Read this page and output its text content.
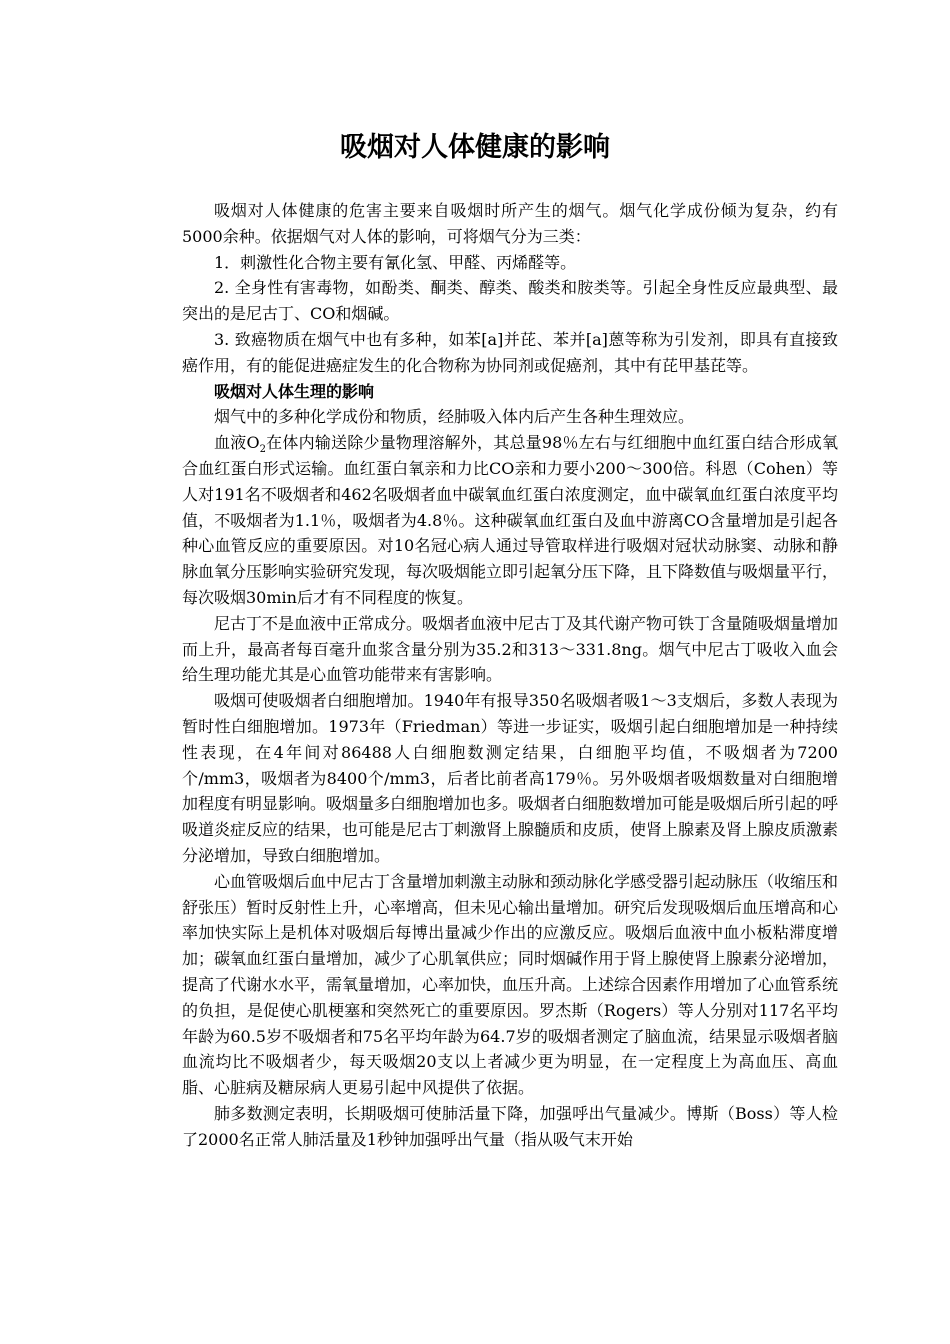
吸烟对人体健康的影响

吸烟对人体健康的危害主要来自吸烟时所产生的烟气。烟气化学成份倾为复杂，约有5000余种。依据烟气对人体的影响，可将烟气分为三类：

1．刺激性化合物主要有氰化氢、甲醛、丙烯醛等。

2. 全身性有害毒物，如酚类、酮类、醇类、酸类和胺类等。引起全身性反应最典型、最突出的是尼古丁、CO和烟碱。

3. 致癌物质在烟气中也有多种，如苯[a]并芘、苯并[a]蒽等称为引发剂，即具有直接致癌作用，有的能促进癌症发生的化合物称为协同剂或促癌剂，其中有芘甲基芘等。

吸烟对人体生理的影响

烟气中的多种化学成份和物质，经肺吸入体内后产生各种生理效应。

血液$O_2$在体内输送除少量物理溶解外，其总量98％左右与红细胞中血红蛋白结合形成氧合血红蛋白形式运输。血红蛋白氧亲和力比CO亲和力要小200～300倍。科恩（Cohen）等人对191名不吸烟者和462名吸烟者血中碳氧血红蛋白浓度测定，血中碳氧血红蛋白浓度平均值，不吸烟者为1.1％，吸烟者为4.8％。这种碳氧血红蛋白及血中游离CO含量增加是引起各种心血管反应的重要原因。对10名冠心病人通过导管取样进行吸烟对冠状动脉窦、动脉和静脉血氧分压影响实验研究发现，每次吸烟能立即引起氧分压下降，且下降数值与吸烟量平行，每次吸烟30min后才有不同程度的恢复。

尼古丁不是血液中正常成分。吸烟者血液中尼古丁及其代谢产物可铁丁含量随吸烟量增加而上升，最高者每百毫升血浆含量分别为35.2和313～331.8ng。烟气中尼古丁吸收入血会给生理功能尤其是心血管功能带来有害影响。

吸烟可使吸烟者白细胞增加。1940年有报导350名吸烟者吸1～3支烟后，多数人表现为暂时性白细胞增加。1973年（Friedman）等进一步证实，吸烟引起白细胞增加是一种持续性表现，在4年间对86488人白细胞数测定结果，白细胞平均值，不吸烟者为7200个/mm3，吸烟者为8400个/mm3，后者比前者高179％。另外吸烟者吸烟数量对白细胞增加程度有明显影响。吸烟量多白细胞增加也多。吸烟者白细胞数增加可能是吸烟后所引起的呼吸道炎症反应的结果，也可能是尼古丁刺激肾上腺髓质和皮质，使肾上腺素及肾上腺皮质激素分泌增加，导致白细胞增加。

心血管吸烟后血中尼古丁含量增加刺激主动脉和颈动脉化学感受器引起动脉压（收缩压和舒张压）暂时反射性上升，心率增高，但未见心输出量增加。研究后发现吸烟后血压增高和心率加快实际上是机体对吸烟后每博出量减少作出的应激反应。吸烟后血液中血小板粘滞度增加；碳氧血红蛋白量增加，减少了心肌氧供应；同时烟碱作用于肾上腺使肾上腺素分泌增加，提高了代谢水水平，需氧量增加，心率加快，血压升高。上述综合因素作用增加了心血管系统的负担，是促使心肌梗塞和突然死亡的重要原因。罗杰斯（Rogers）等人分别对117名平均年龄为60.5岁不吸烟者和75名平均年龄为64.7岁的吸烟者测定了脑血流，结果显示吸烟者脑血流均比不吸烟者少，每天吸烟20支以上者减少更为明显，在一定程度上为高血压、高血脂、心脏病及糖尿病人更易引起中风提供了依据。

肺多数测定表明，长期吸烟可使肺活量下降，加强呼出气量减少。博斯（Boss）等人检了2000名正常人肺活量及1秒钟加强呼出气量（指从吸气末开始
